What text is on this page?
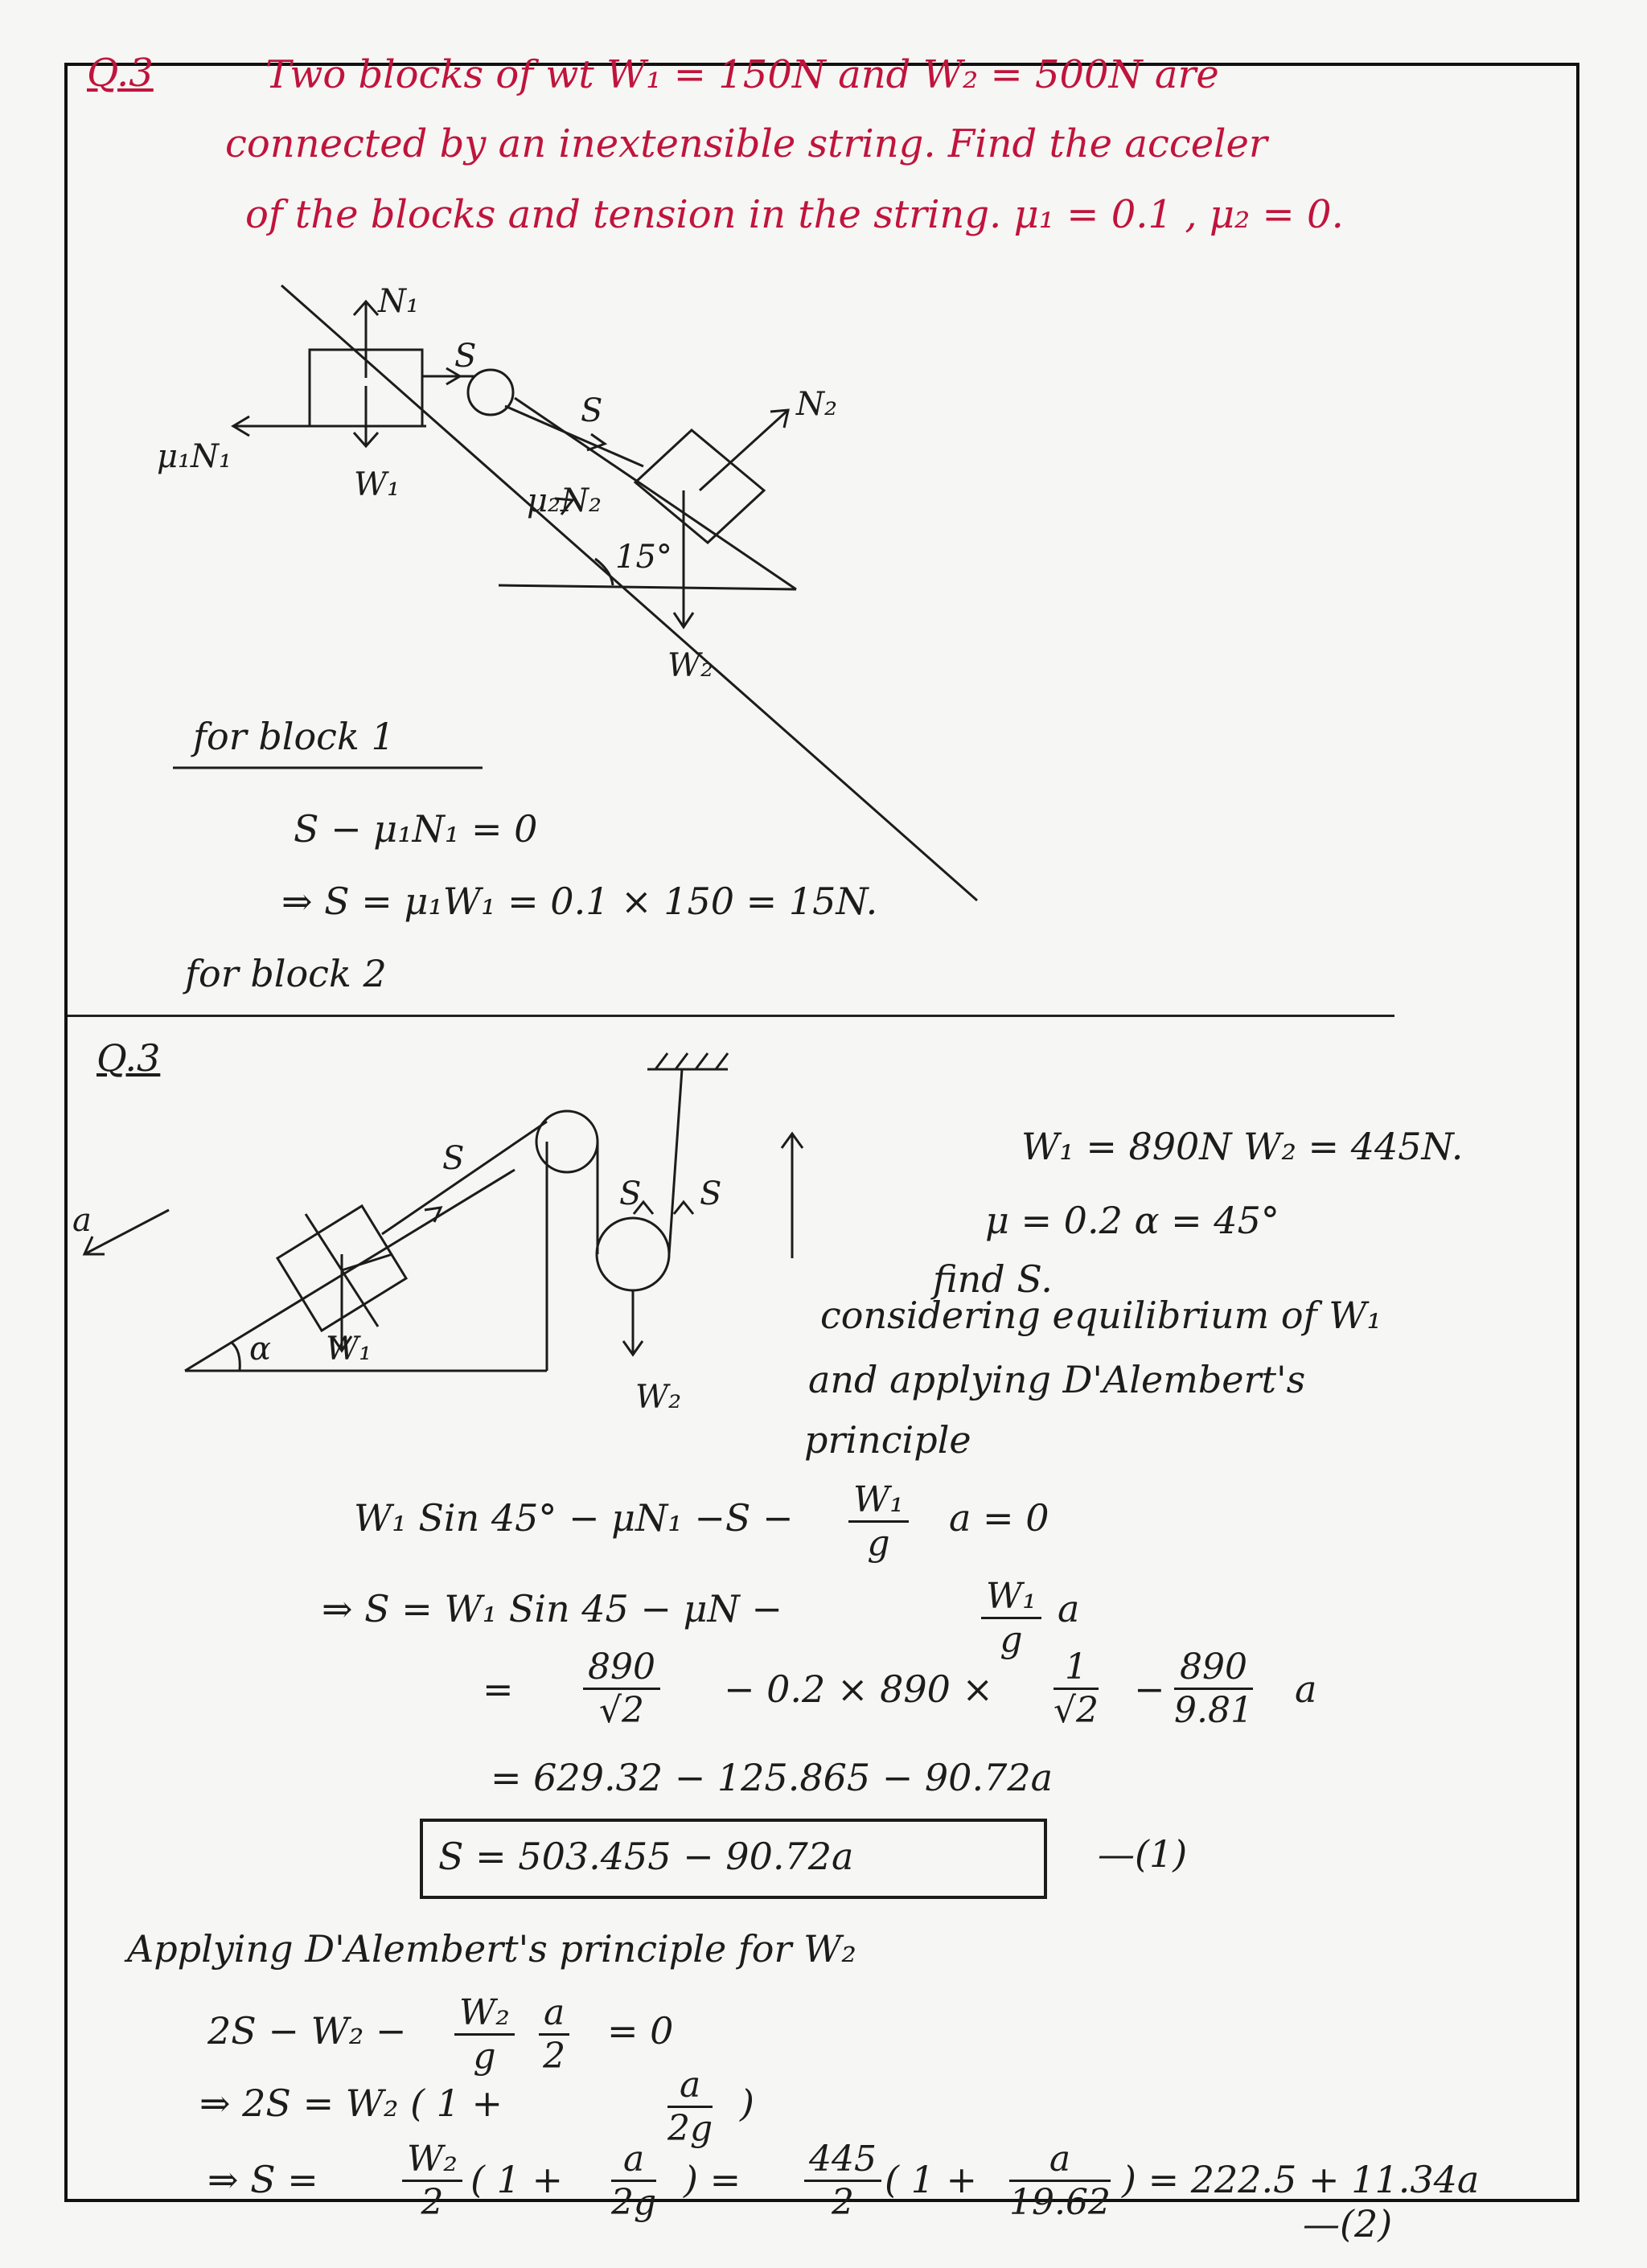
Q.3	Two blocks of wt W₁ = 150N and W₂ = 500N are

connected by an inextensible string. Find the acceler

of the blocks and tension in the string. μ₁ = 0.1 , μ₂ = 0.

N₁
W₁
μ₁N₁
S
S	N₂
μ₂N₂
15°
W₂

for block 1

S − μ₁N₁ = 0

⇒ S = μ₁W₁ = 0.1 × 150 = 15N.

for block 2

Q.3

a
S
S S
W₁
α
W₂

W₁ = 890N W₂ = 445N.

μ = 0.2 α = 45°

find S.

considering equilibrium of W₁

and applying D'Alembert's

principle

W₁ Sin $45^\circ - \mu N_1 -S - \frac{\text{W₁}}{g}$ a = 0

⇒ S = W₁ Sin 45 − μN −	$\frac{\text{W₁}}{g}$ a

= $\frac{890}{√2} - 0.2 \times 890 \times \frac{1}{√2} - \frac{890}{9.81}$ a

= 629.32 − 125.865 − 90.72a

S = 503.455 − 90.72a	—(1)

Applying D'Alembert's principle for W₂

$2S - W_2 - \frac{\text{W₂}}{g} \frac{a}{2} = 0$

⇒ 2S = W₂ ( 1 +	$\frac{a}{2g}$ )

⇒ $S = \frac{\text{W₂}}{2}$ ( $1 + \frac{a}{2g}$ ) = $\frac{445}{2}$ ( $1 + \frac{a}{19.62}$ ) = 222.5 + 11.34a

—(2)
